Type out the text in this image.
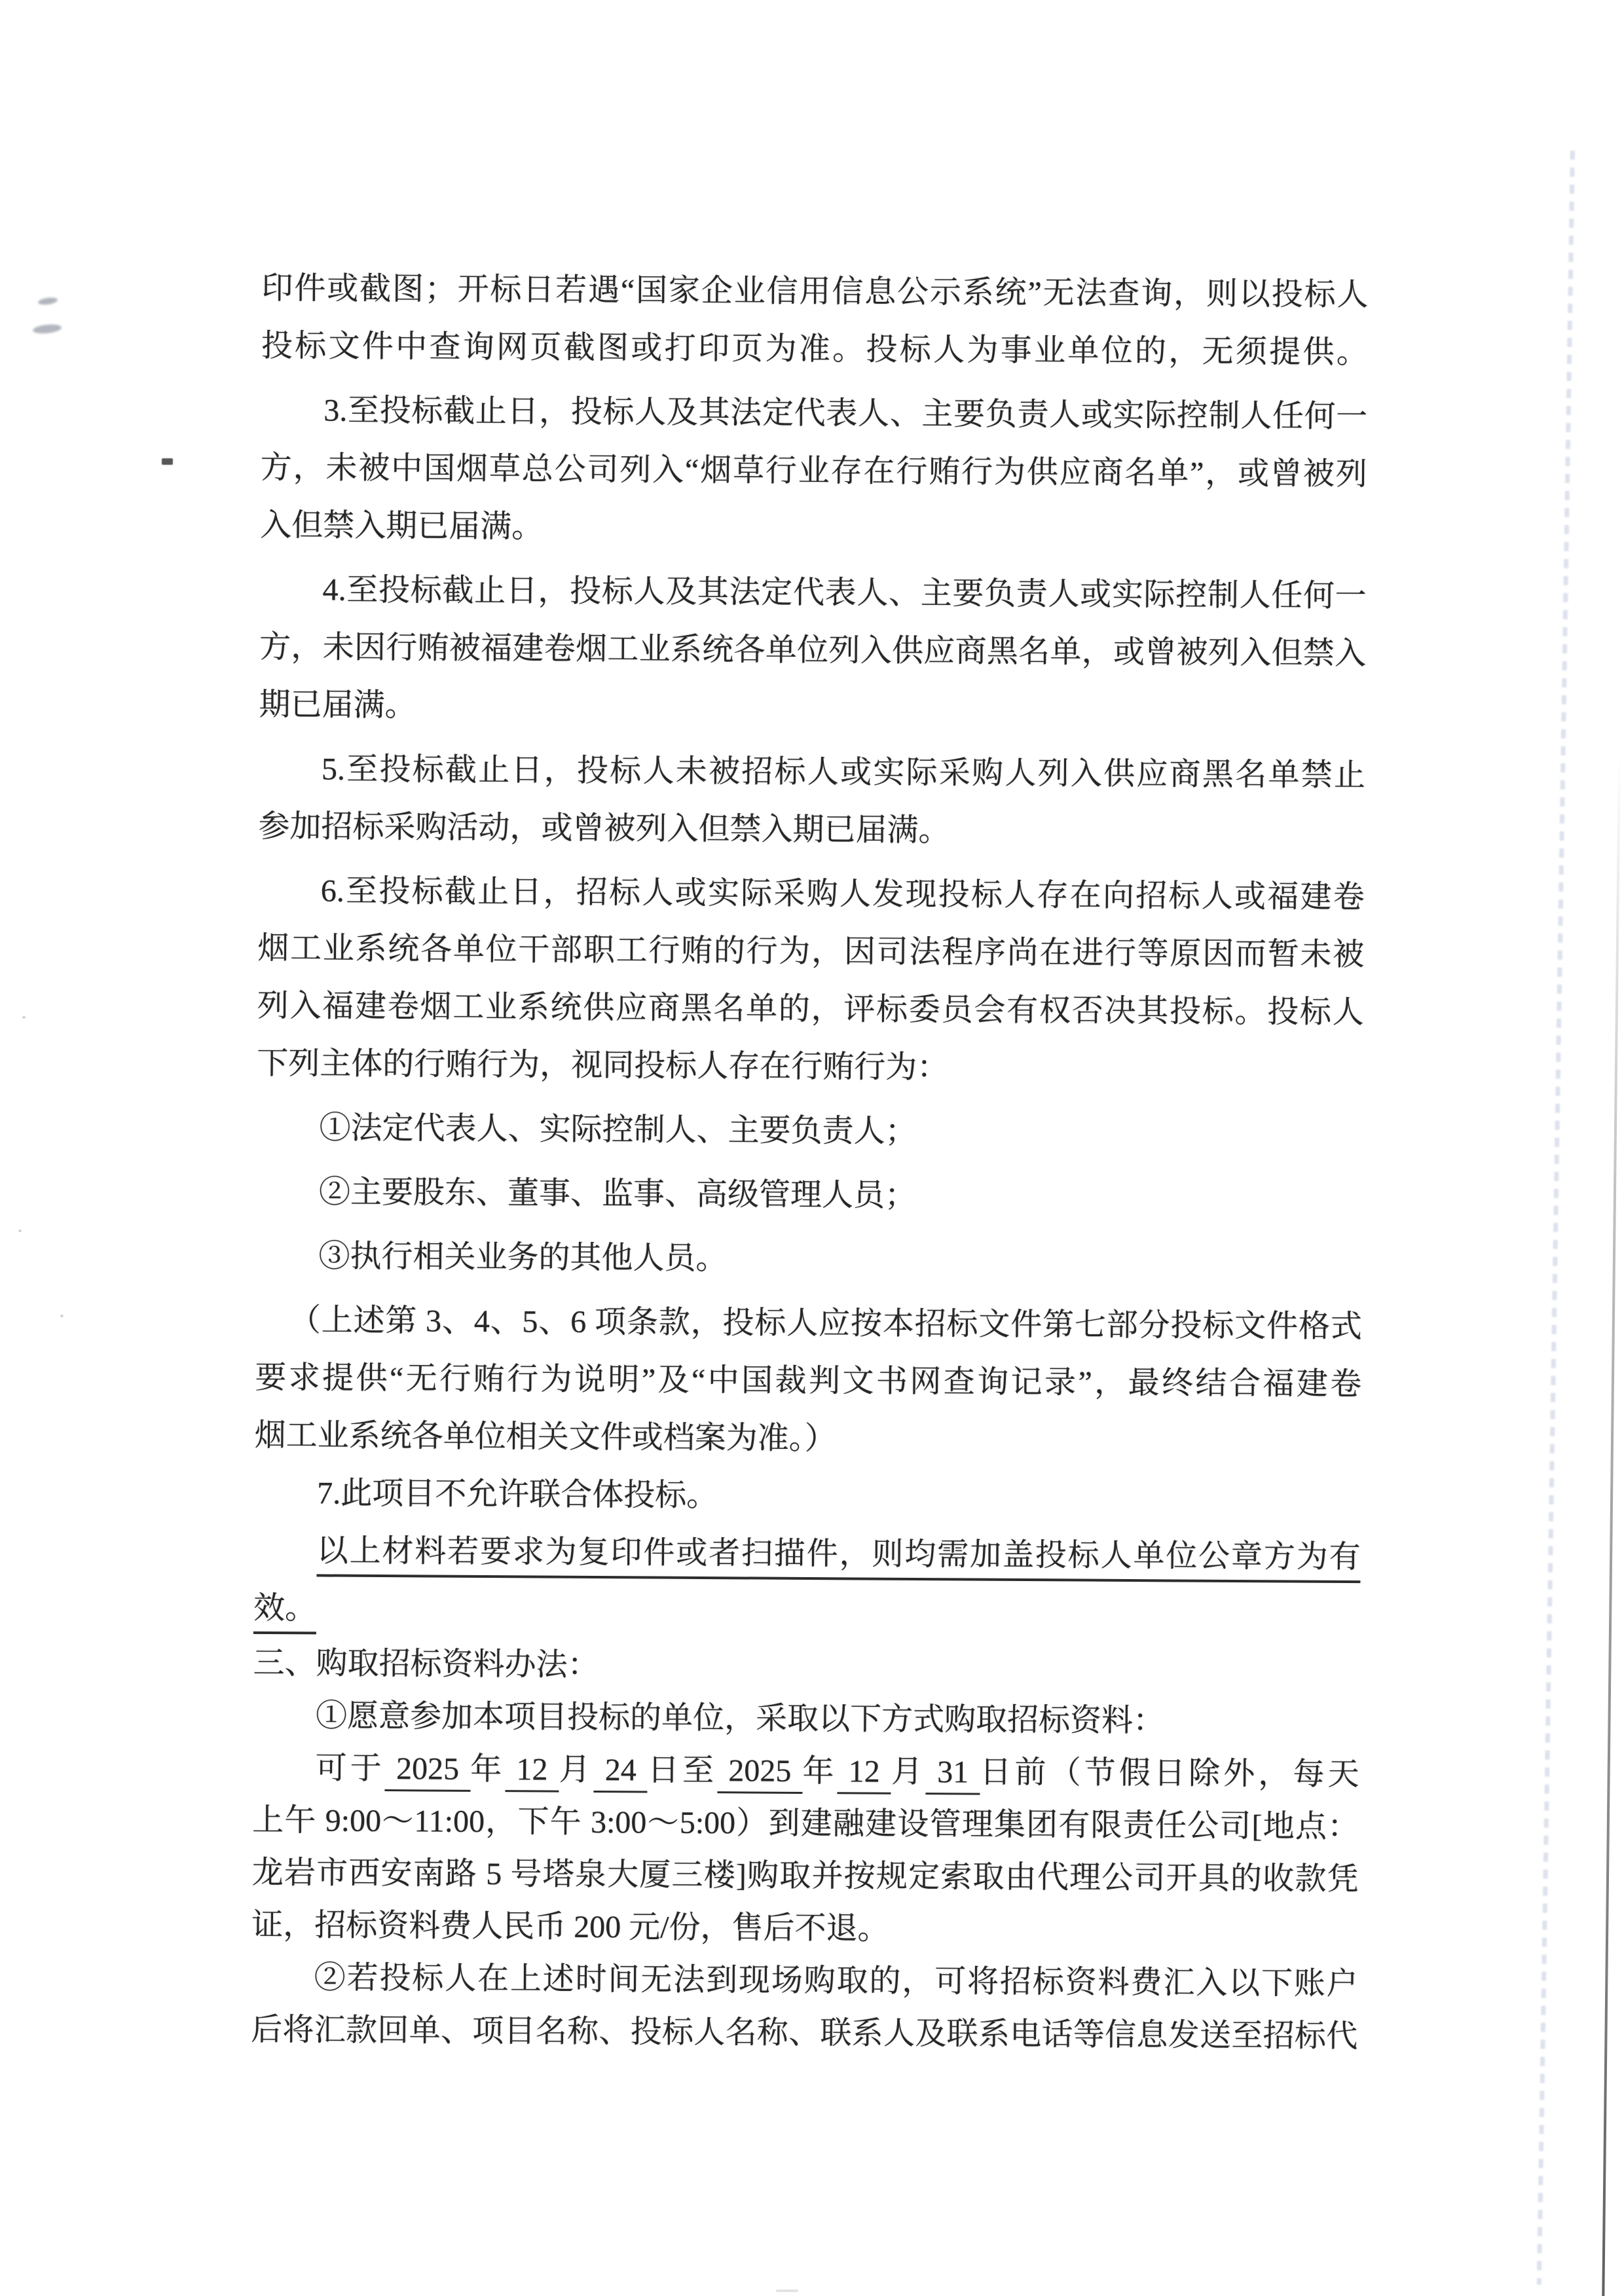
印件或截图；开标日若遇“国家企业信用信息公示系统”无法查询，则以投标人
投标文件中查询网页截图或打印页为准。投标人为事业单位的，无须提供。
3.至投标截止日，投标人及其法定代表人、主要负责人或实际控制人任何一
方，未被中国烟草总公司列入“烟草行业存在行贿行为供应商名单”，或曾被列
入但禁入期已届满。
4.至投标截止日，投标人及其法定代表人、主要负责人或实际控制人任何一
方，未因行贿被福建卷烟工业系统各单位列入供应商黑名单，或曾被列入但禁入
期已届满。
5.至投标截止日，投标人未被招标人或实际采购人列入供应商黑名单禁止
参加招标采购活动，或曾被列入但禁入期已届满。
6.至投标截止日，招标人或实际采购人发现投标人存在向招标人或福建卷
烟工业系统各单位干部职工行贿的行为，因司法程序尚在进行等原因而暂未被
列入福建卷烟工业系统供应商黑名单的，评标委员会有权否决其投标。投标人
下列主体的行贿行为，视同投标人存在行贿行为：
①法定代表人、实际控制人、主要负责人；
②主要股东、董事、监事、高级管理人员；
③执行相关业务的其他人员。
（上述第 3、4、5、6 项条款，投标人应按本招标文件第七部分投标文件格式
要求提供“无行贿行为说明”及“中国裁判文书网查询记录”，最终结合福建卷
烟工业系统各单位相关文件或档案为准。）
7.此项目不允许联合体投标。
以上材料若要求为复印件或者扫描件，则均需加盖投标人单位公章方为有
效。
三、购取招标资料办法：
①愿意参加本项目投标的单位，采取以下方式购取招标资料：
可于 2025 年 12 月 24 日至 2025 年 12 月 31 日前（节假日除外，每天
上午 9:00～11:00，下午 3:00～5:00）到建融建设管理集团有限责任公司[地点：
龙岩市西安南路 5 号塔泉大厦三楼]购取并按规定索取由代理公司开具的收款凭
证，招标资料费人民币 200 元/份，售后不退。
②若投标人在上述时间无法到现场购取的，可将招标资料费汇入以下账户
后将汇款回单、项目名称、投标人名称、联系人及联系电话等信息发送至招标代
